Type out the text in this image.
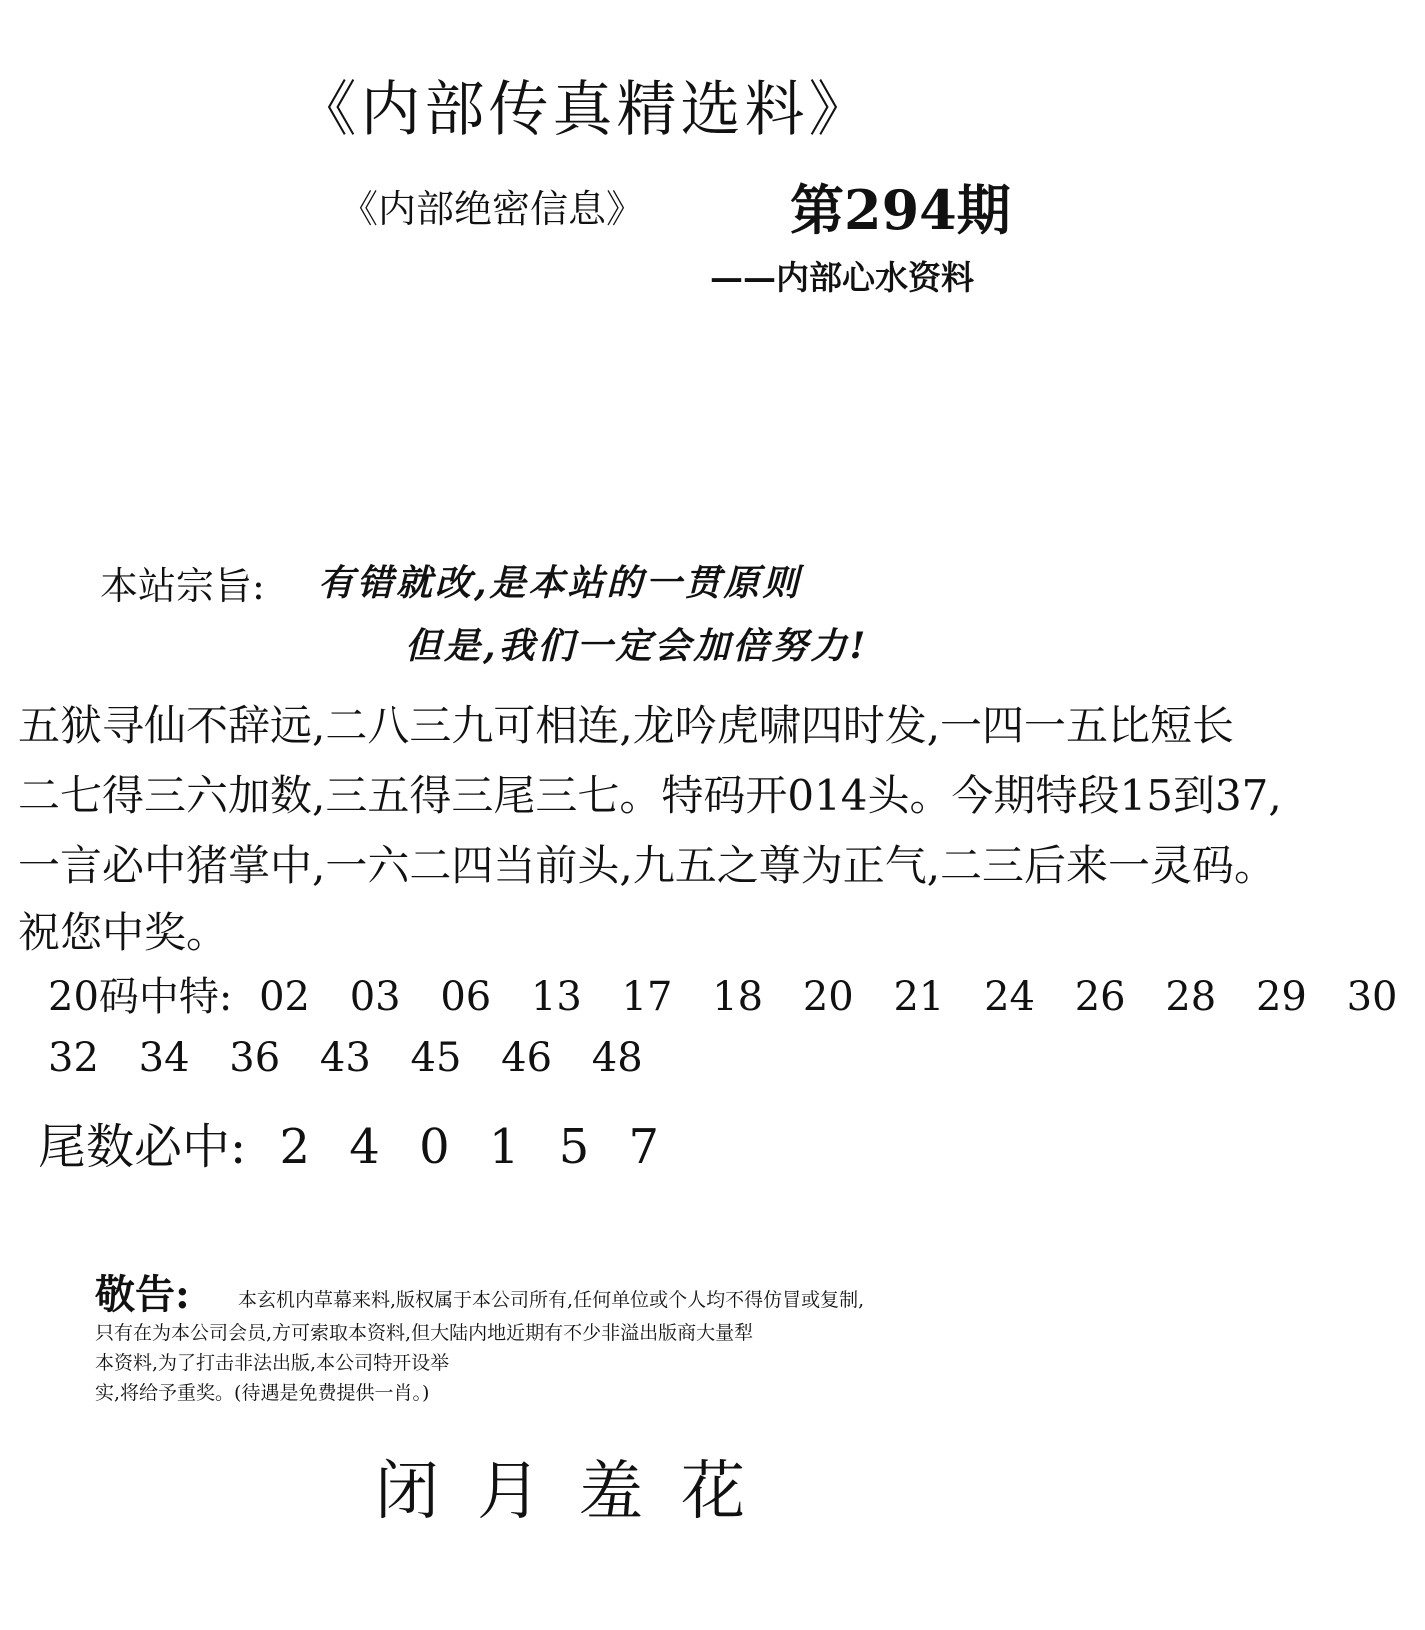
《内部传真精选料》
《内部绝密信息》	第294期
——内部心水资料
本站宗旨: 有错就改,是本站的一贯原则
但是,我们一定会加倍努力!
五狱寻仙不辞远,二八三九可相连,龙吟虎啸四时发,一四一五比短长
二七得三六加数,三五得三尾三七。特码开014头。今期特段15到37,
一言必中猪掌中,一六二四当前头,九五之尊为正气,二三后来一灵码。
祝您中奖。
20码中特: 02 03 06 13 17 18 20 21 24 26 28 29 30
32 34 36 43 45 46 48
尾数必中: 2 4 0 1 5 7
敬告:	本玄机内草幕来料,版权属于本公司所有,任何单位或个人均不得仿冒或复制,
只有在为本公司会员,方可索取本资料,但大陆内地近期有不少非溢出版商大量犁
本资料,为了打击非法出版,本公司特开设举
实,将给予重奖。(待遇是免费提供一肖。)
闭月羞花
